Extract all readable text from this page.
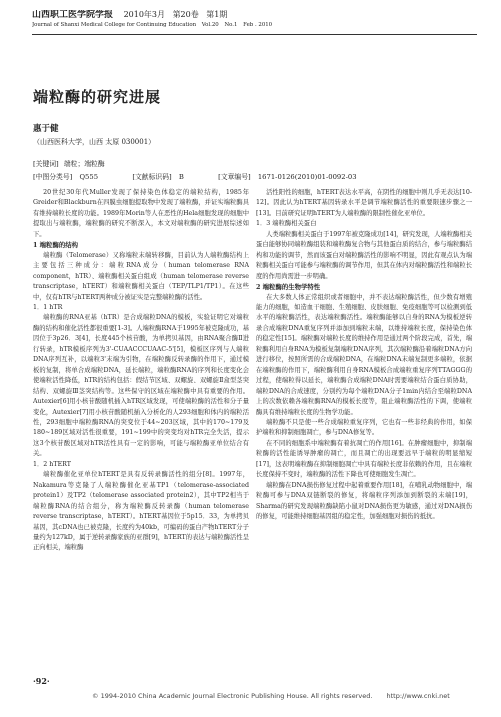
山西职工医学院学报 2010年3月 第20卷 第1期
Journal of Shanxi Medical College for Continuing Education Vol.20 No.1 Feb . 2010
端粒酶的研究进展
惠于健
（山西医科大学，山西 太原 030001）
[关键词] 端粒；端粒酶
[中图分类号] Q555	[文献标识码] B	[文章编号] 1671-0126(2010)01-0092-03

20世纪30年代Muller发现了保持染色体稳定的端粒结构，1985年Greider和Blackburn在四膜虫细胞提取物中发现了端粒酶，并证实端粒酶具有维持端粒长度的功能。1989年Morin等人在恶性的Hela细胞发现的细胞中提取出与端粒酶，端粒酶的研究不断深入，本文对端粒酶的研究进展综述如下。

1 端粒酶的结构

端粒酶（Telomerase）又称端粒末端转移酶，目前认为人端粒酶结构上主要包括三种成分：端粒RNA成分（human telomerase RNA component，hTR）、端粒酶相关蛋白组成（human telomerase reverse transcriptase，hTERT）和端粒酶相关蛋白（TEP/TLP1/TP1）。在这些中，仅有hTR与hTERT两种成分被证实是完整端粒酶的活性。

1．1 hTR

端粒酶的RNA亚基（hTR）是合成端粒DNA的模板，实验证明它对端粒酶的结构和催化活性都很重要[1-3]。人端粒酶RNA于1995年被克隆成功，基因位于3p26．3[4]，长度445个核苷酸，为单拷贝基因，由RNA聚合酶Ⅱ进行转录，hTR模板序列为3'-CUAACCCUAAC-5'[5]，模板区序列与人端粒DNA序列互补，以端粒3'末端为引物，在端粒酶反转录酶的作用下，通过模板的复制，将单合成端粒DNA，延长端粒，端粒酶RNA的序列和长度变化会使端粒活性降低，hTR的结构包括：假结节区域、双螺旋、双螺旋Ⅱ盒型茎突结构、双螺旋Ⅲ茎突结构等。这些保守的区域在端粒酶中具有重要的作用。Autexier[6]用小核苷酸随机插入hTR区域发现，可使端粒酶的活性和分子量变化，Autexier[7]用小核苷酸随机插入分析化的人293细胞和体内的端粒活性，293细胞中端粒酶RNA的突变位于44~203区域，其中的170~179及180~189区域对活性很重要，191~199中的突变均对hTR完全失活，提示这3个核苷酸区域对hTR活性具有一定的影响，可能与端粒酶亚单位结合有关。

1．2 hTERT

端粒酶催化亚单位hTERT是具有反转录酶活性的组分[8]。1997年，Nakamura等克隆了人端粒酶催化亚基TP1（telomerase-associated protein1）及TP2（telomerase associated protein2），其中TP2相当于端粒酶RNA的结合组分，称为端粒酶反转录酶（human telomerase reverse transcriptase，hTERT）。hTERT基因位于5p15．33，为单拷贝基因，其cDNA也已被克隆，长度约为40kb，可编码的蛋白产物hTERT分子量约为127kD，属于逆转录酶家族的亚群[9]，hTERT的表达与端粒酶活性呈正向相关，端粒酶

活性阳性的细胞，hTERT表达水平高，在阴性的细胞中则几乎无表达[10-12]。因此认为hTERT基因转录水平是调节端粒酶活性的重要限速步骤之一[13]。目前研究证明hTERT为人端粒酶的限制性催化亚单位。

1．3 端粒酶相关蛋白

人类端粒酶相关蛋白于1997年被克隆成功[14]，研究发现，人端粒酶相关蛋白能够协同端粒酶组装和端粒酶复合物与其他蛋白质的结合，参与端粒酶结构和功能的调节，然而该蛋白对端粒酶活性的影响不明显，因此有观点认为端粒酶相关蛋白可能参与端粒酶的调节作用，但其在体内对端粒酶活性和端粒长度的作用尚需进一步明确。

2 端粒酶的生物学特性

在大多数人体正常组织或者细胞中，并不表达端粒酶活性，但少数有增殖能力的细胞，如造血干细胞、生殖细胞、皮肤细胞、免疫细胞等可以检测到低水平的端粒酶活性，表达端粒酶活性。端粒酶能够以自身的RNA为模板逆转录合成端粒DNA重复序列并添加到端粒末端，以维持端粒长度，保持染色体的稳定性[15]。端粒酶对端粒长度的维持作用是通过两个阶段完成，首先，端粒酶利用自身RNA为模板复制端粒DNA序列，其次端粒酶沿着端粒DNA方向进行移位，按照所需的合成端粒DNA，在端粒DNA末端复制更多端粒，依据在端粒酶的作用下，端粒酶利用自身RNA模板合成端粒重复序列TTAGGG的过程，使端粒得以延长，端粒酶合成端粒DNA时需要端粒结合蛋白质协助，端粒DNA的合成速度，分别约为每个端粒DNA分子1min内结合至端粒DNA上的次数依赖各端粒酶RNA的模板长度等，阻止端粒酶活性的下调，使端粒酶具有维持端粒长度的生物学功能。

端粒酶不只是使一些合成端粒重复序列，它也有一些非经典的作用，如保护端粒和抑制细胞凋亡，参与DNA修复等。

在不同的细胞系中端粒酶有着抗凋亡的作用[16]。在肿瘤细胞中，抑制端粒酶的活性能诱导肿瘤的凋亡，而且凋亡的出现要远早于端粒的明显缩短[17]，这表明端粒酶在抑制细胞凋亡中具有端粒长度非依赖的作用，且在端粒长度保持不变时，端粒酶的活性下降也可使细胞发生凋亡。

端粒酶在DNA损伤修复过程中起着重要作用[18]，在哺乳动物细胞中，端粒酶可参与DNA双链断裂的修复，将端粒序列添加到断裂的末端[19]，Sharma的研究发现端粒酶缺陷小鼠对DNA损伤更为敏感，通过对DNA损伤的修复，可能维持细胞基因组的稳定性，加强细胞对损伤的抵抗。

·92·
© 1994-2010 China Academic Journal Electronic Publishing House. All rights reserved. http://www.cnki.net
